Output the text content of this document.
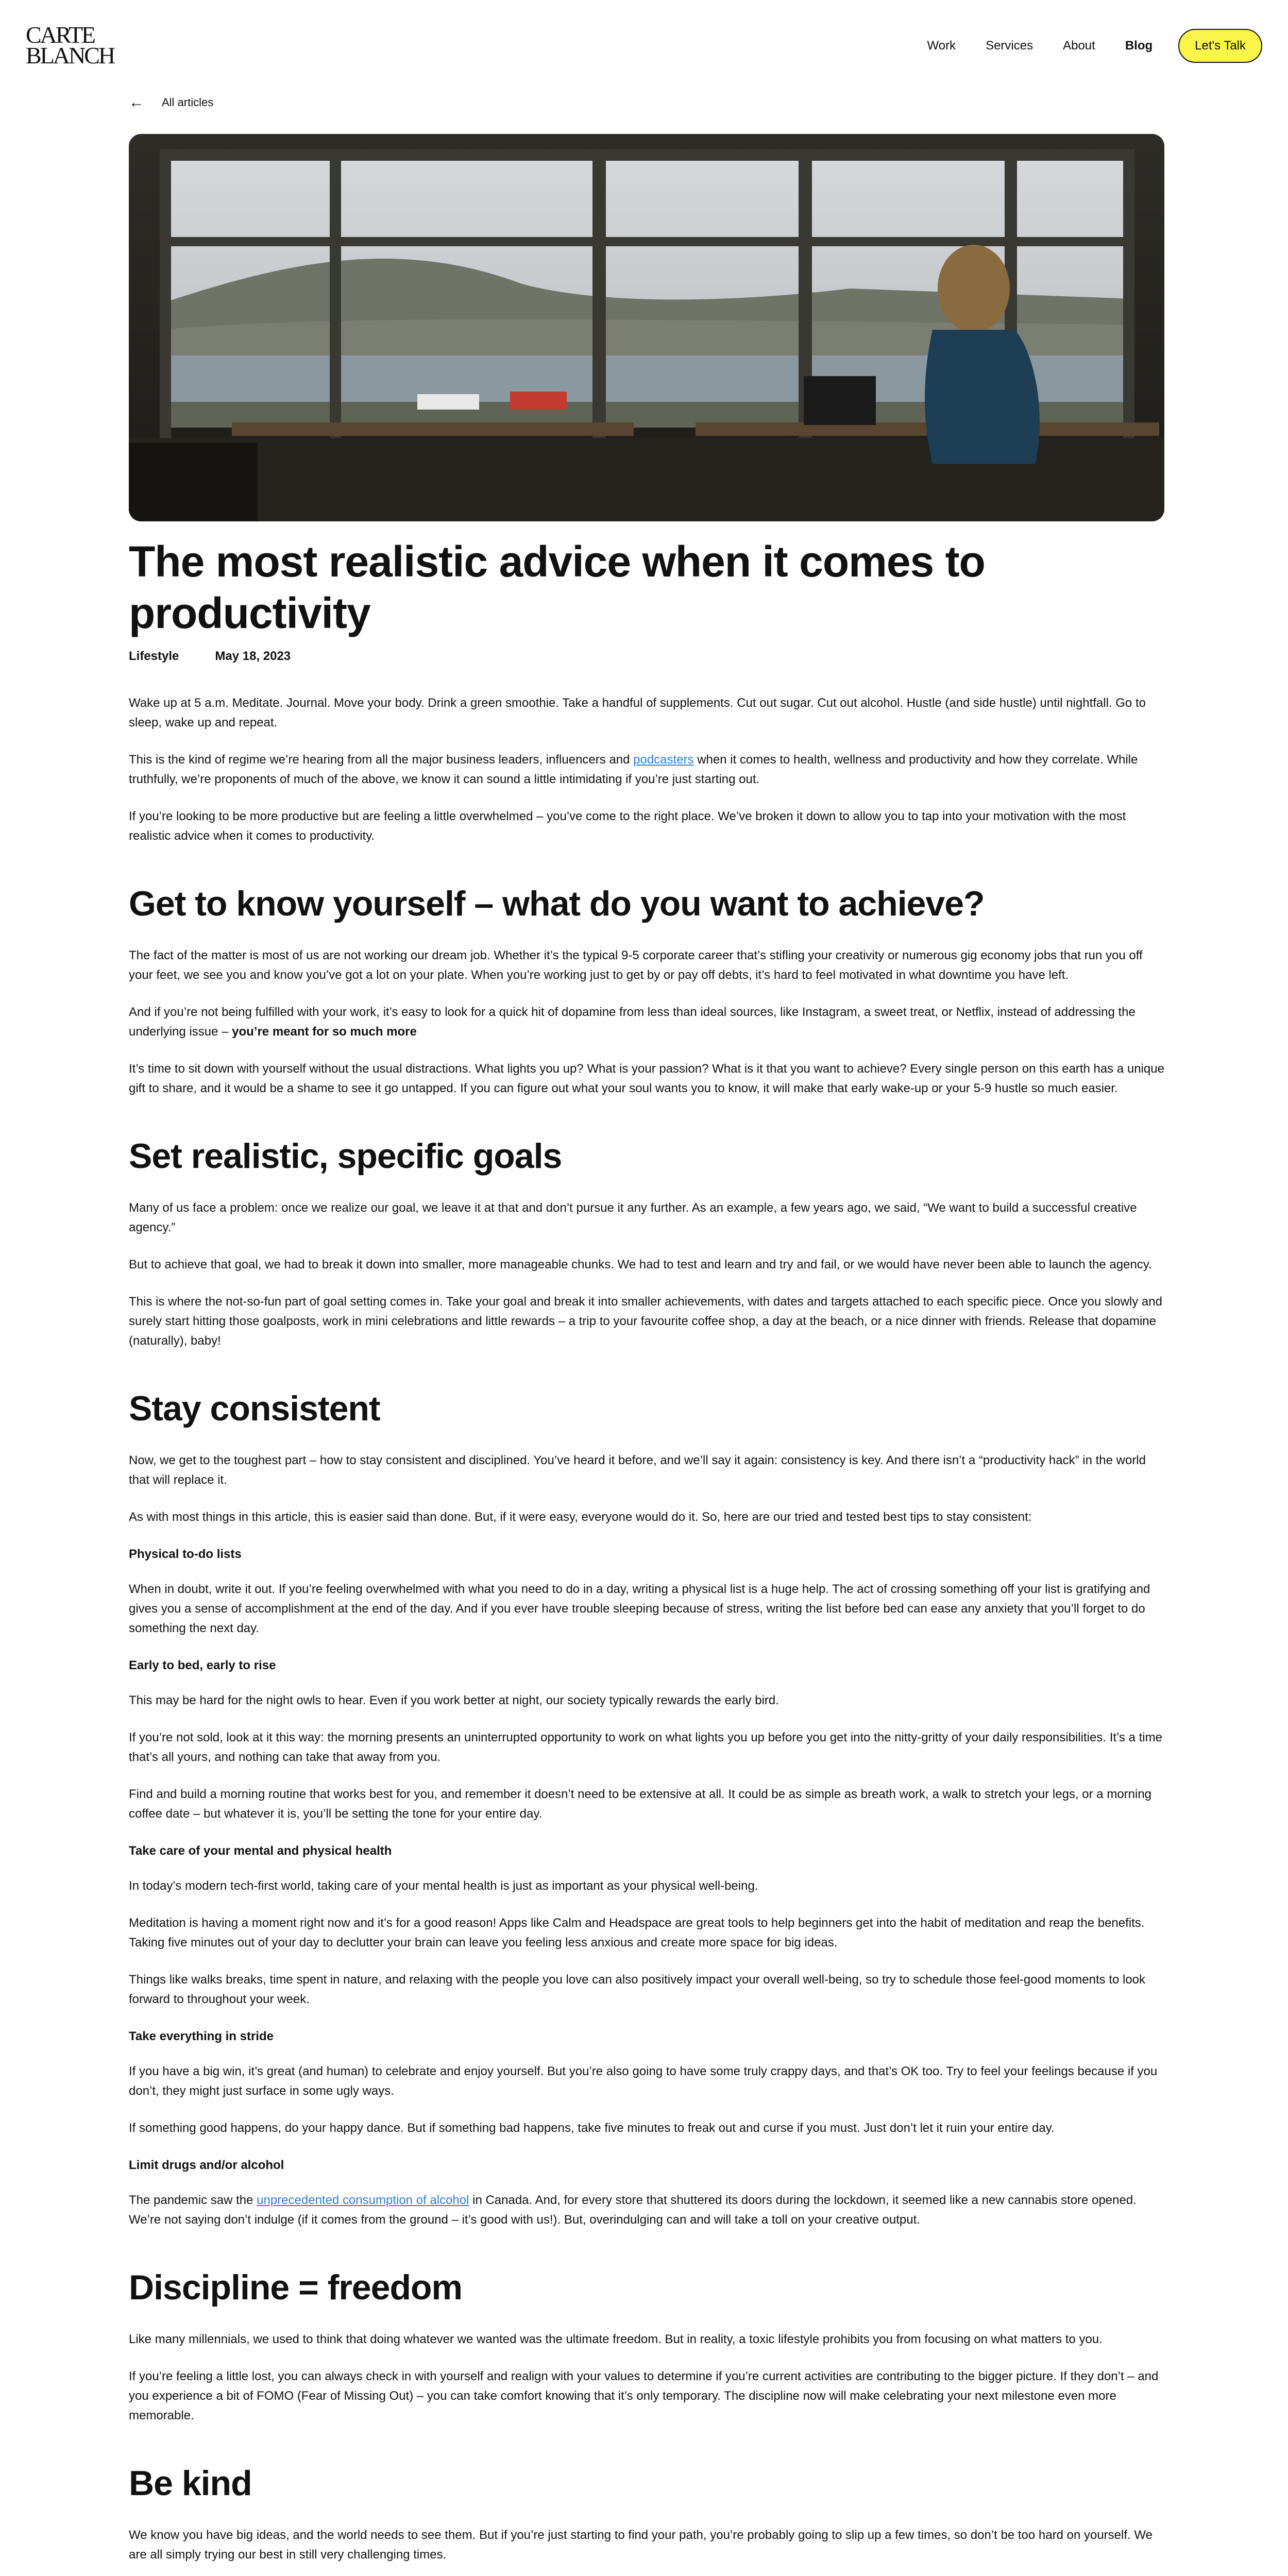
CARTE
BLANCH	Work Services About Blog	Let's Talk
← All articles
The most realistic advice when it comes to productivity
Lifestyle	May 18, 2023

Wake up at 5 a.m. Meditate. Journal. Move your body. Drink a green smoothie. Take a handful of supplements. Cut out sugar. Cut out alcohol. Hustle (and side hustle) until nightfall. Go to sleep, wake up and repeat.

This is the kind of regime we’re hearing from all the major business leaders, influencers and podcasters when it comes to health, wellness and productivity and how they correlate. While truthfully, we’re proponents of much of the above, we know it can sound a little intimidating if you’re just starting out.

If you’re looking to be more productive but are feeling a little overwhelmed – you’ve come to the right place. We’ve broken it down to allow you to tap into your motivation with the most realistic advice when it comes to productivity.

Get to know yourself – what do you want to achieve?

The fact of the matter is most of us are not working our dream job. Whether it’s the typical 9-5 corporate career that’s stifling your creativity or numerous gig economy jobs that run you off your feet, we see you and know you’ve got a lot on your plate. When you’re working just to get by or pay off debts, it’s hard to feel motivated in what downtime you have left.

And if you’re not being fulfilled with your work, it’s easy to look for a quick hit of dopamine from less than ideal sources, like Instagram, a sweet treat, or Netflix, instead of addressing the underlying issue – you’re meant for so much more

It’s time to sit down with yourself without the usual distractions. What lights you up? What is your passion? What is it that you want to achieve? Every single person on this earth has a unique gift to share, and it would be a shame to see it go untapped. If you can figure out what your soul wants you to know, it will make that early wake-up or your 5-9 hustle so much easier.

Set realistic, specific goals

Many of us face a problem: once we realize our goal, we leave it at that and don’t pursue it any further. As an example, a few years ago, we said, “We want to build a successful creative agency.”

But to achieve that goal, we had to break it down into smaller, more manageable chunks. We had to test and learn and try and fail, or we would have never been able to launch the agency.

This is where the not-so-fun part of goal setting comes in. Take your goal and break it into smaller achievements, with dates and targets attached to each specific piece. Once you slowly and surely start hitting those goalposts, work in mini celebrations and little rewards – a trip to your favourite coffee shop, a day at the beach, or a nice dinner with friends. Release that dopamine (naturally), baby!

Stay consistent

Now, we get to the toughest part – how to stay consistent and disciplined. You’ve heard it before, and we’ll say it again: consistency is key. And there isn’t a “productivity hack” in the world that will replace it.

As with most things in this article, this is easier said than done. But, if it were easy, everyone would do it. So, here are our tried and tested best tips to stay consistent:

Physical to-do lists

When in doubt, write it out. If you’re feeling overwhelmed with what you need to do in a day, writing a physical list is a huge help. The act of crossing something off your list is gratifying and gives you a sense of accomplishment at the end of the day. And if you ever have trouble sleeping because of stress, writing the list before bed can ease any anxiety that you’ll forget to do something the next day.

Early to bed, early to rise

This may be hard for the night owls to hear. Even if you work better at night, our society typically rewards the early bird.

If you’re not sold, look at it this way: the morning presents an uninterrupted opportunity to work on what lights you up before you get into the nitty-gritty of your daily responsibilities. It’s a time that’s all yours, and nothing can take that away from you.

Find and build a morning routine that works best for you, and remember it doesn’t need to be extensive at all. It could be as simple as breath work, a walk to stretch your legs, or a morning coffee date – but whatever it is, you’ll be setting the tone for your entire day.

Take care of your mental and physical health

In today’s modern tech-first world, taking care of your mental health is just as important as your physical well-being.

Meditation is having a moment right now and it’s for a good reason! Apps like Calm and Headspace are great tools to help beginners get into the habit of meditation and reap the benefits. Taking five minutes out of your day to declutter your brain can leave you feeling less anxious and create more space for big ideas.

Things like walks breaks, time spent in nature, and relaxing with the people you love can also positively impact your overall well-being, so try to schedule those feel-good moments to look forward to throughout your week.

Take everything in stride

If you have a big win, it’s great (and human) to celebrate and enjoy yourself. But you’re also going to have some truly crappy days, and that’s OK too. Try to feel your feelings because if you don’t, they might just surface in some ugly ways.

If something good happens, do your happy dance. But if something bad happens, take five minutes to freak out and curse if you must. Just don’t let it ruin your entire day.

Limit drugs and/or alcohol

The pandemic saw the unprecedented consumption of alcohol in Canada. And, for every store that shuttered its doors during the lockdown, it seemed like a new cannabis store opened. We’re not saying don’t indulge (if it comes from the ground – it’s good with us!). But, overindulging can and will take a toll on your creative output.

Discipline = freedom

Like many millennials, we used to think that doing whatever we wanted was the ultimate freedom. But in reality, a toxic lifestyle prohibits you from focusing on what matters to you.

If you’re feeling a little lost, you can always check in with yourself and realign with your values to determine if you’re current activities are contributing to the bigger picture. If they don’t – and you experience a bit of FOMO (Fear of Missing Out) – you can take comfort knowing that it’s only temporary. The discipline now will make celebrating your next milestone even more memorable.

Be kind

We know you have big ideas, and the world needs to see them. But if you’re just starting to find your path, you’re probably going to slip up a few times, so don’t be too hard on yourself. We are all simply trying our best in still very challenging times.
